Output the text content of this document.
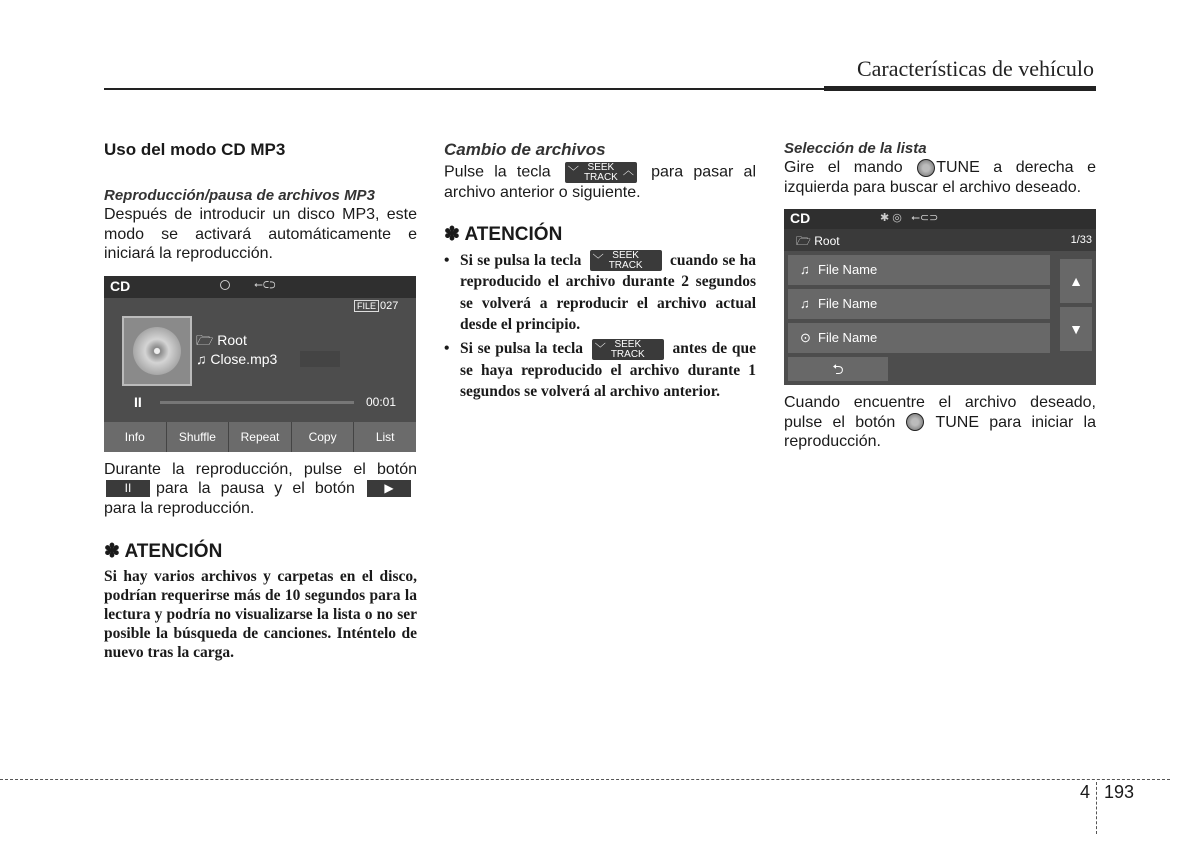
Características de vehículo
Uso del modo CD MP3
Reproducción/pausa de archivos MP3

Después de introducir un disco MP3, este modo se activará automáticamente e iniciará la reproducción.

CD	⭠⊂⊃
FILE 027
🗁 Root
♫ Close.mp3
II	00:01
Info	Shuffle	Repeat	Copy	List

Durante la reproducción, pulse el botón II para la pausa y el botón ▶ para la reproducción.

✽ ATENCIÓN

Si hay varios archivos y carpetas en el disco, podrían requerirse más de 10 segundos para la lectura y podría no visualizarse la lista o no ser posible la búsqueda de canciones. Inténtelo de nuevo tras la carga.

Cambio de archivos

Pulse la tecla ﹀ SEEK
TRACK
︿ para pasar al archivo anterior o siguiente.

✽ ATENCIÓN
• Si se pulsa la tecla ﹀ SEEK
TRACK	cuando se ha reproducido el archivo durante 2 segundos se volverá a reproducir el archivo actual desde el principio.
• Si se pulsa la tecla ﹀ SEEK
TRACK	antes de que se haya reproducido el archivo durante 1 segundos se volverá al archivo anterior.
Selección de la lista

Gire el mando TUNE a derecha e izquierda para buscar el archivo deseado.

CD	✱ ◎ ⭠⊂⊃
🗁 Root	1/33
♫ File Name
♫ File Name
⊙ File Name
▲
▼
⮌

Cuando encuentre el archivo deseado, pulse el botón	TUNE para iniciar la reproducción.

4 193
